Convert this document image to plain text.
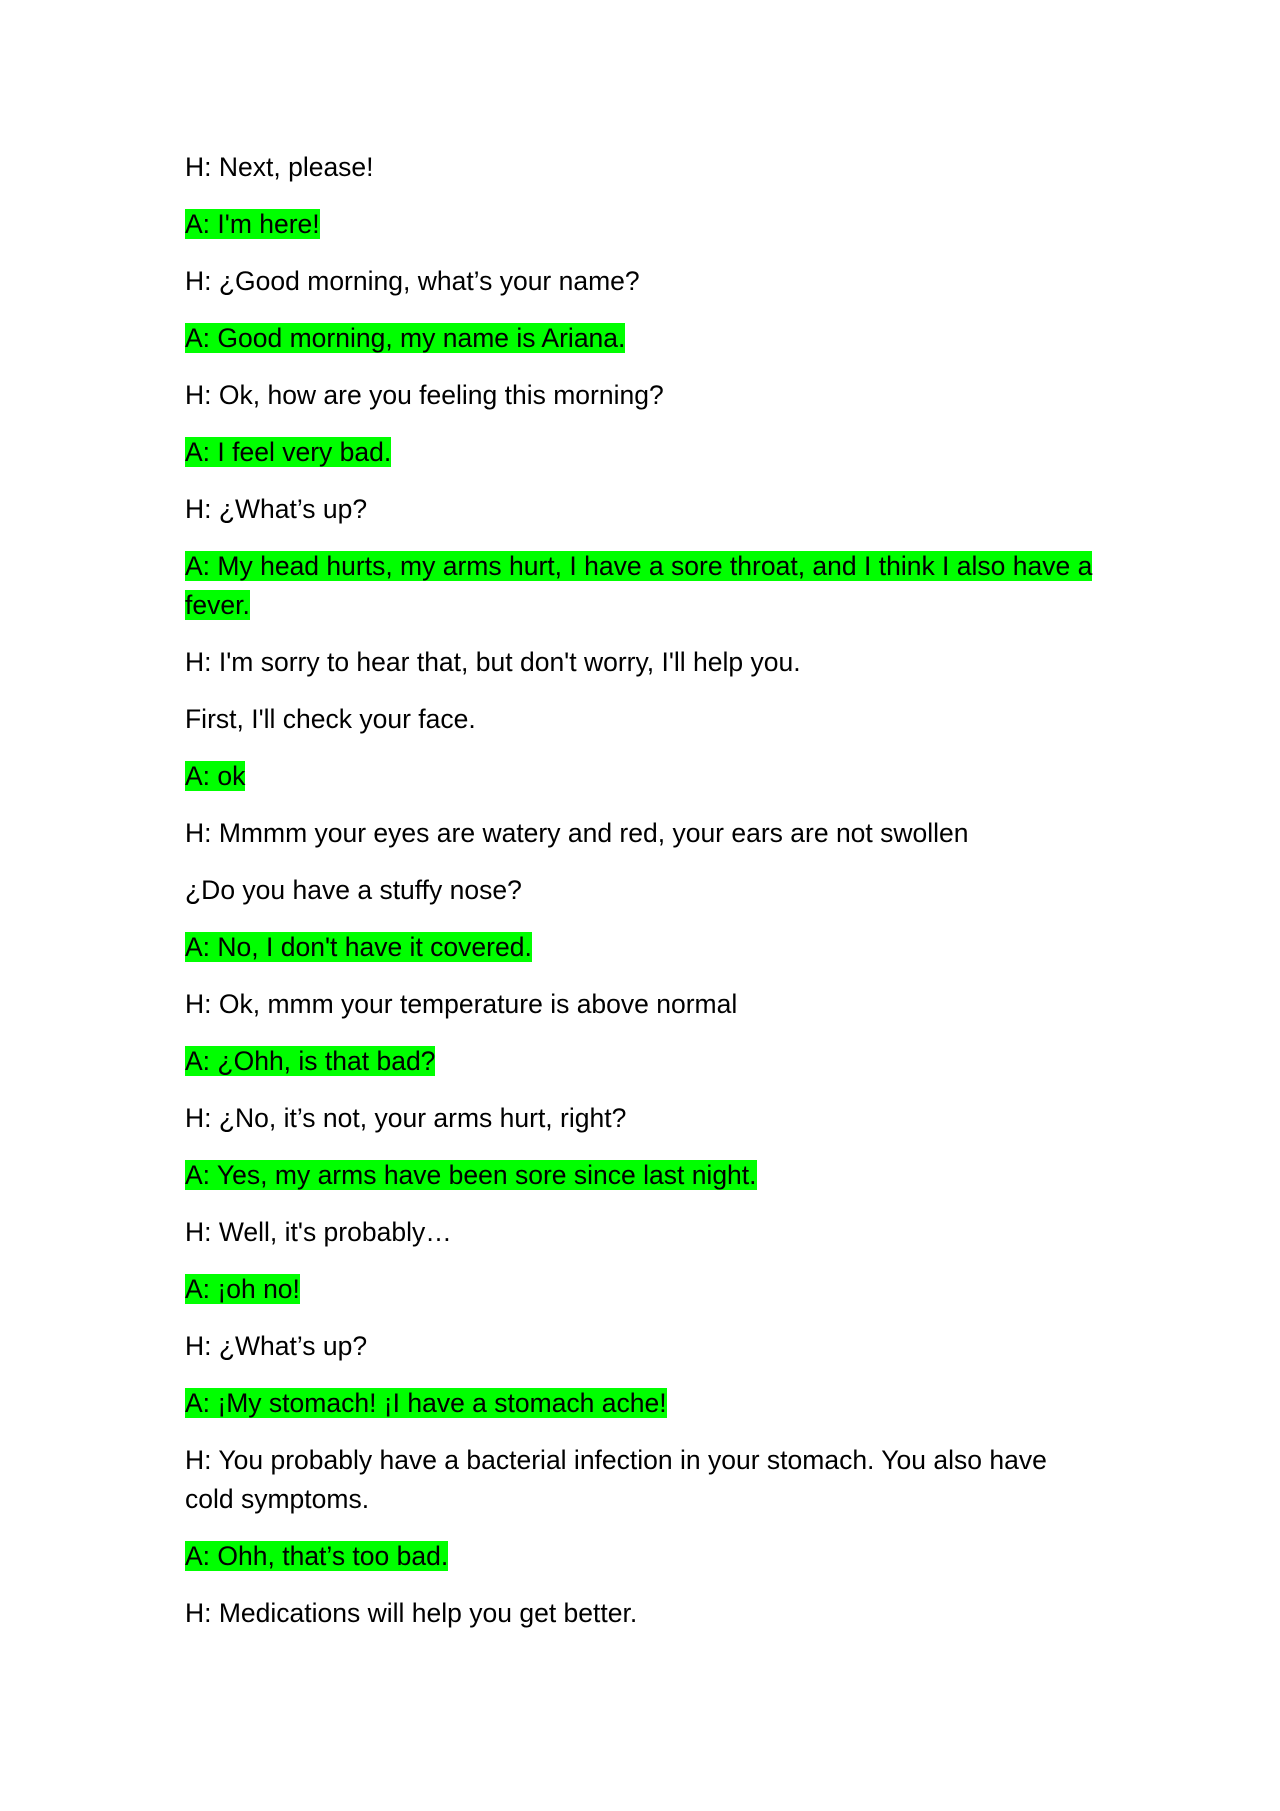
H: Next, please!

A: I'm here!

H: ¿Good morning, what’s your name?

A: Good morning, my name is Ariana.

H: Ok, how are you feeling this morning?

A: I feel very bad.

H: ¿What’s up?

A: My head hurts, my arms hurt, I have a sore throat, and I think I also have a fever.

H: I'm sorry to hear that, but don't worry, I'll help you.

First, I'll check your face.

A: ok

H: Mmmm your eyes are watery and red, your ears are not swollen

¿Do you have a stuffy nose?

A: No, I don't have it covered.

H: Ok, mmm your temperature is above normal

A: ¿Ohh, is that bad?

H: ¿No, it’s not, your arms hurt, right?

A: Yes, my arms have been sore since last night.

H: Well, it's probably…

A: ¡oh no!

H: ¿What’s up?

A: ¡My stomach! ¡I have a stomach ache!

H: You probably have a bacterial infection in your stomach. You also have cold symptoms.

A: Ohh, that’s too bad.

H: Medications will help you get better.
